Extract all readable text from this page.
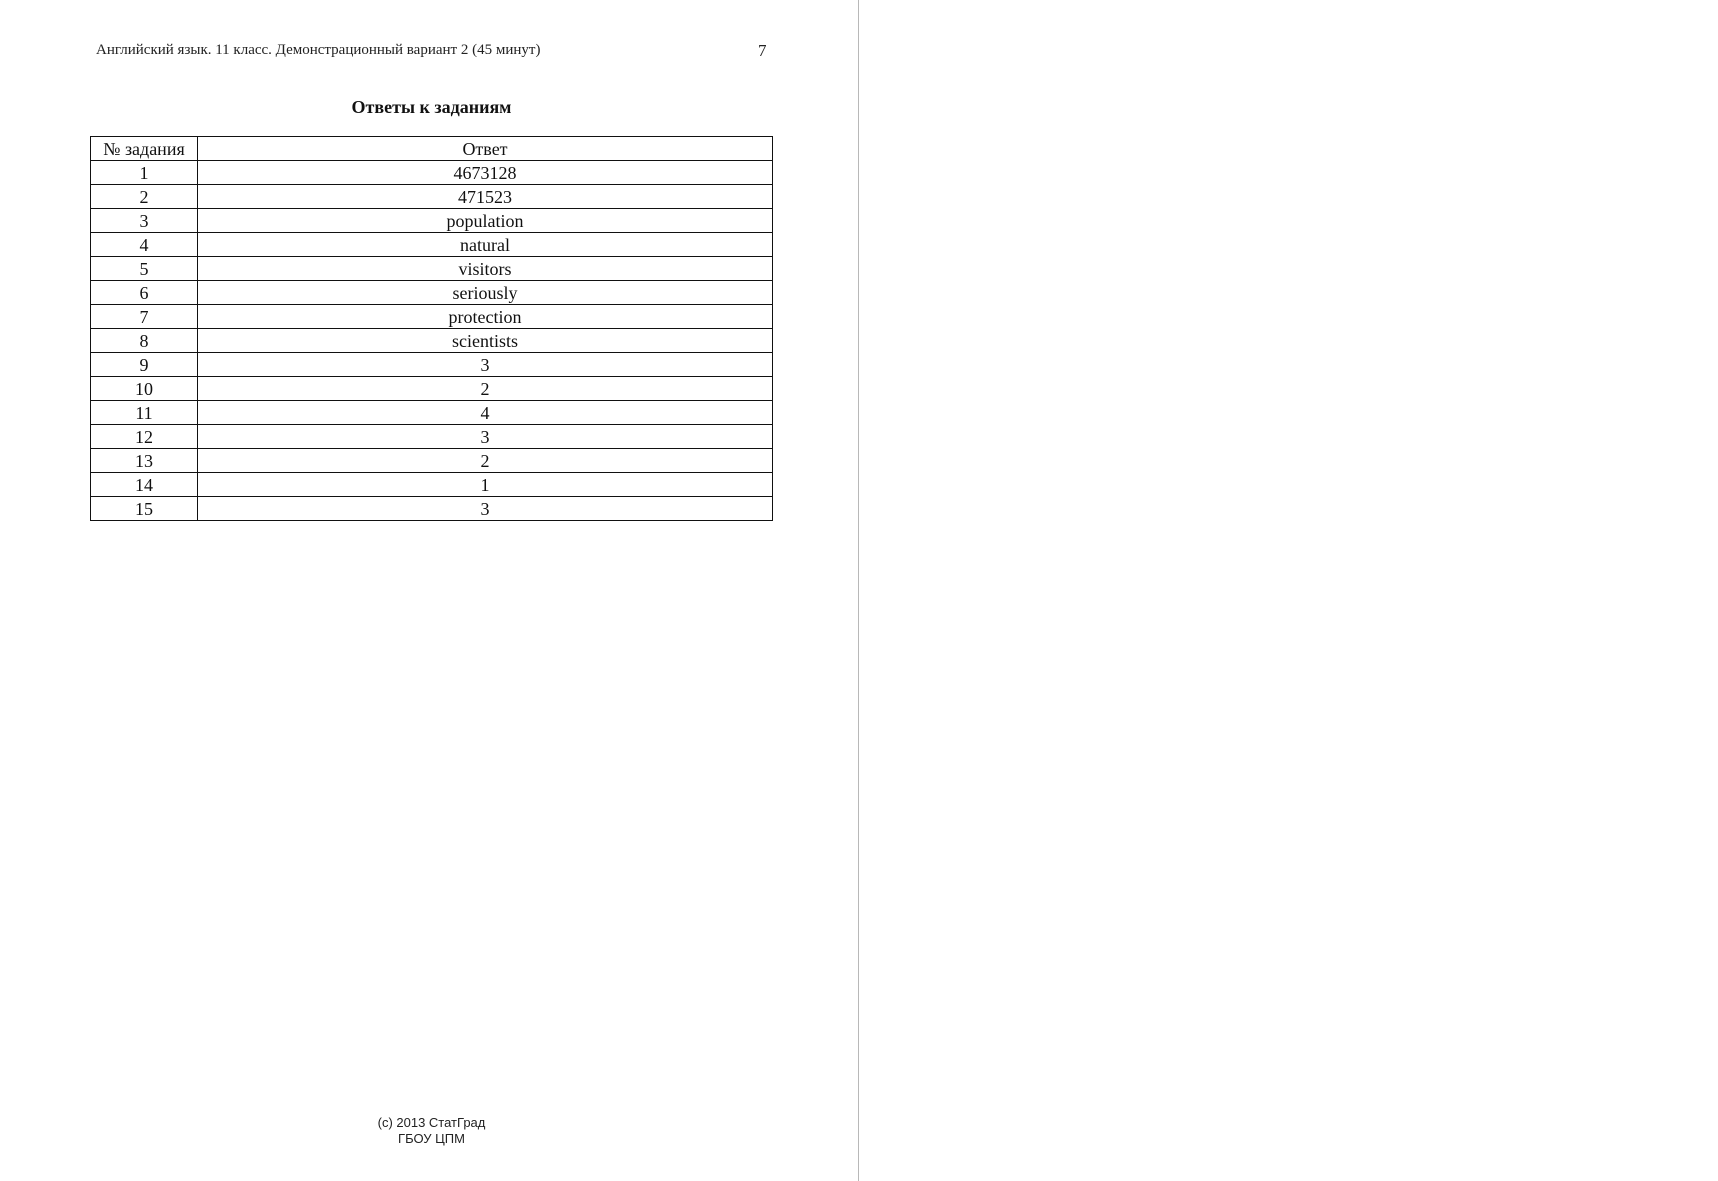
Английский язык. 11 класс. Демонстрационный вариант 2 (45 минут)	7
Ответы к заданиям
№ задания	Ответ
1	4673128
2	471523
3	population
4	natural
5	visitors
6	seriously
7	protection
8	scientists
9	3
10	2
11	4
12	3
13	2
14	1
15	3
(c) 2013 СтатГрад
ГБОУ ЦПМ
